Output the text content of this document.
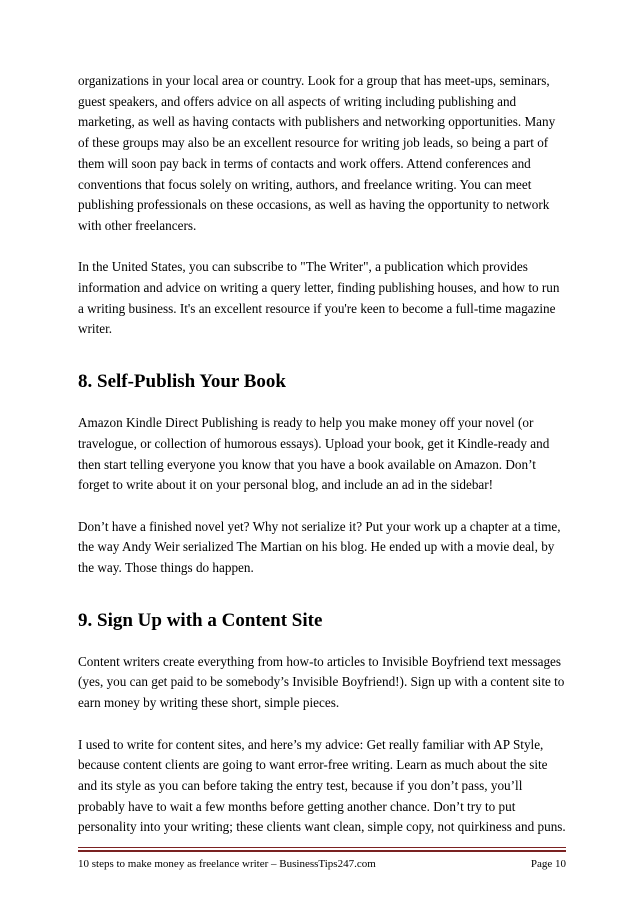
organizations in your local area or country. Look for a group that has meet-ups, seminars, guest speakers, and offers advice on all aspects of writing including publishing and marketing, as well as having contacts with publishers and networking opportunities. Many of these groups may also be an excellent resource for writing job leads, so being a part of them will soon pay back in terms of contacts and work offers. Attend conferences and conventions that focus solely on writing, authors, and freelance writing. You can meet publishing professionals on these occasions, as well as having the opportunity to network with other freelancers.

In the United States, you can subscribe to "The Writer", a publication which provides information and advice on writing a query letter, finding publishing houses, and how to run a writing business. It's an excellent resource if you're keen to become a full-time magazine writer.

8. Self-Publish Your Book

Amazon Kindle Direct Publishing is ready to help you make money off your novel (or travelogue, or collection of humorous essays). Upload your book, get it Kindle-ready and then start telling everyone you know that you have a book available on Amazon. Don’t forget to write about it on your personal blog, and include an ad in the sidebar!

Don’t have a finished novel yet? Why not serialize it? Put your work up a chapter at a time, the way Andy Weir serialized The Martian on his blog. He ended up with a movie deal, by the way. Those things do happen.

9. Sign Up with a Content Site

Content writers create everything from how-to articles to Invisible Boyfriend text messages (yes, you can get paid to be somebody’s Invisible Boyfriend!). Sign up with a content site to earn money by writing these short, simple pieces.

I used to write for content sites, and here’s my advice: Get really familiar with AP Style, because content clients are going to want error-free writing. Learn as much about the site and its style as you can before taking the entry test, because if you don’t pass, you’ll probably have to wait a few months before getting another chance. Don’t try to put personality into your writing; these clients want clean, simple copy, not quirkiness and puns.

10 steps to make money as freelance writer – BusinessTips247.com	Page 10
